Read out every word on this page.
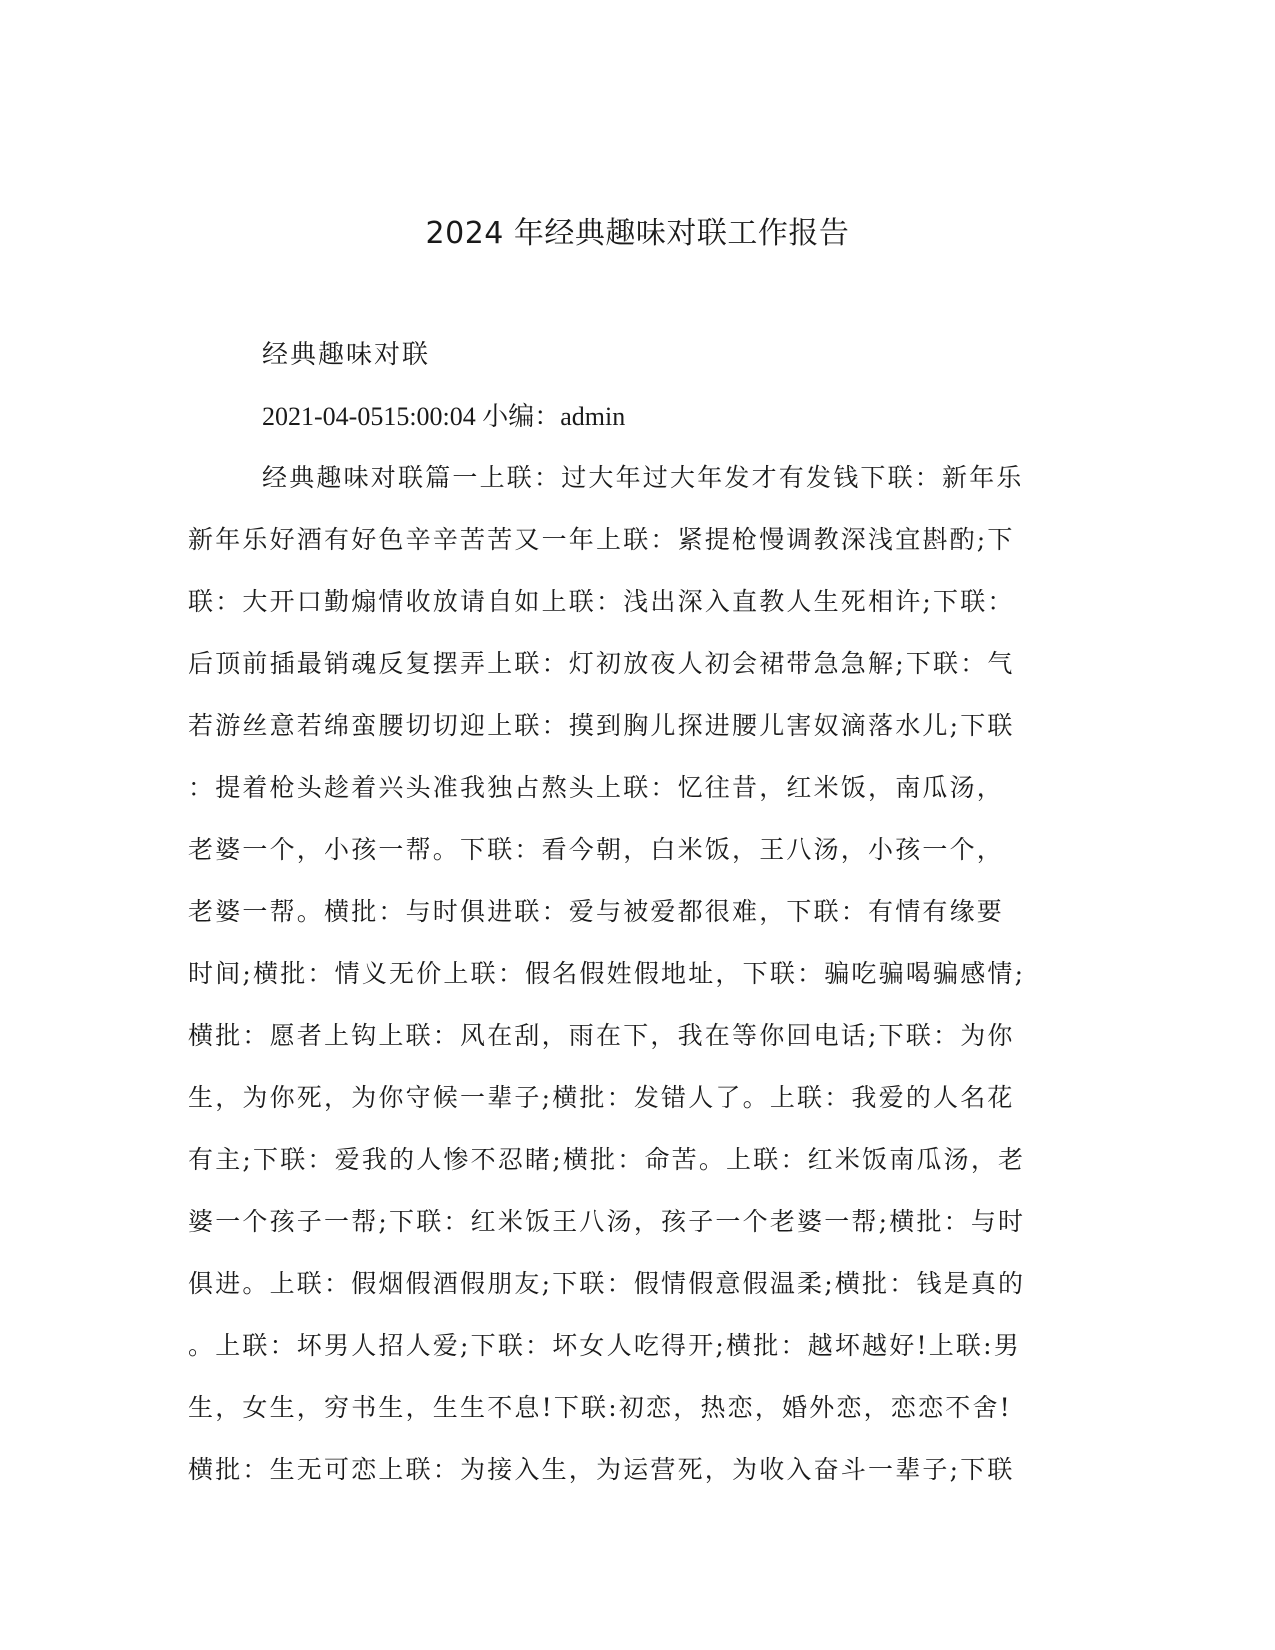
2024 年经典趣味对联工作报告
经典趣味对联
2021-04-0515:00:04 小编：admin
经典趣味对联篇一上联：过大年过大年发才有发钱下联：新年乐
新年乐好酒有好色辛辛苦苦又一年上联：紧提枪慢调教深浅宜斟酌;下
联：大开口勤煽情收放请自如上联：浅出深入直教人生死相许;下联：
后顶前插最销魂反复摆弄上联：灯初放夜人初会裙带急急解;下联：气
若游丝意若绵蛮腰切切迎上联：摸到胸儿探进腰儿害奴滴落水儿;下联
：提着枪头趁着兴头准我独占熬头上联：忆往昔，红米饭，南瓜汤，
老婆一个，小孩一帮。下联：看今朝，白米饭，王八汤，小孩一个，
老婆一帮。横批：与时俱进联：爱与被爱都很难，下联：有情有缘要
时间;横批：情义无价上联：假名假姓假地址，下联：骗吃骗喝骗感情;
横批：愿者上钩上联：风在刮，雨在下，我在等你回电话;下联：为你
生，为你死，为你守候一辈子;横批：发错人了。上联：我爱的人名花
有主;下联：爱我的人惨不忍睹;横批：命苦。上联：红米饭南瓜汤，老
婆一个孩子一帮;下联：红米饭王八汤，孩子一个老婆一帮;横批：与时
俱进。上联：假烟假酒假朋友;下联：假情假意假温柔;横批：钱是真的
。上联：坏男人招人爱;下联：坏女人吃得开;横批：越坏越好!上联:男
生，女生，穷书生，生生不息!下联:初恋，热恋，婚外恋，恋恋不舍!
横批：生无可恋上联：为接入生，为运营死，为收入奋斗一辈子;下联
